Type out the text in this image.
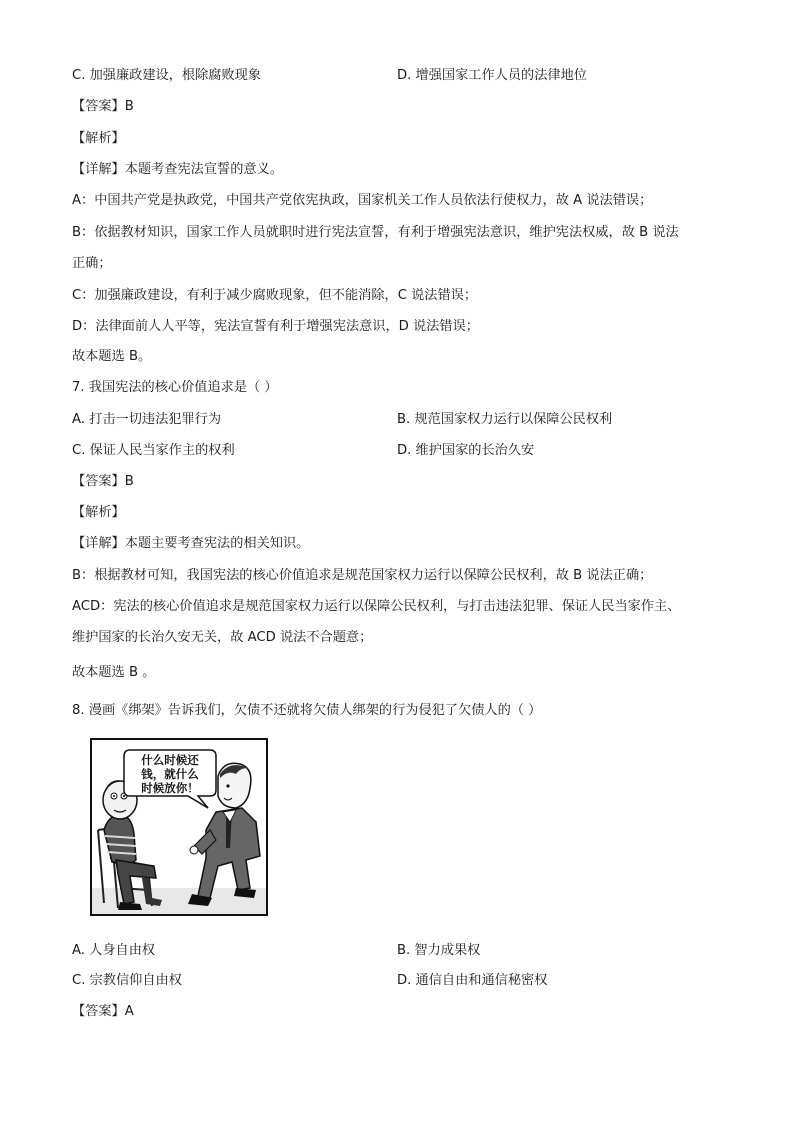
C. 加强廉政建设，根除腐败现象	D. 增强国家工作人员的法律地位
【答案】B
【解析】
【详解】本题考查宪法宣誓的意义。
A：中国共产党是执政党，中国共产党依宪执政，国家机关工作人员依法行使权力，故 A 说法错误；
B：依据教材知识，国家工作人员就职时进行宪法宣誓，有利于增强宪法意识，维护宪法权威，故 B 说法
正确；
C：加强廉政建设，有利于减少腐败现象，但不能消除，C 说法错误；
D：法律面前人人平等，宪法宣誓有利于增强宪法意识，D 说法错误；
故本题选 B。
7. 我国宪法的核心价值追求是（ ）
A. 打击一切违法犯罪行为	B. 规范国家权力运行以保障公民权利
C. 保证人民当家作主的权利	D. 维护国家的长治久安
【答案】B
【解析】
【详解】本题主要考查宪法的相关知识。
B：根据教材可知，我国宪法的核心价值追求是规范国家权力运行以保障公民权利，故 B 说法正确；
ACD：宪法的核心价值追求是规范国家权力运行以保障公民权利，与打击违法犯罪、保证人民当家作主、
维护国家的长治久安无关，故 ACD 说法不合题意；
故本题选 B 。
8. 漫画《绑架》告诉我们，欠债不还就将欠债人绑架的行为侵犯了欠债人的（ ）
什么时候还
钱，就什么
时候放你！
A. 人身自由权	B. 智力成果权
C. 宗教信仰自由权	D. 通信自由和通信秘密权
【答案】A
